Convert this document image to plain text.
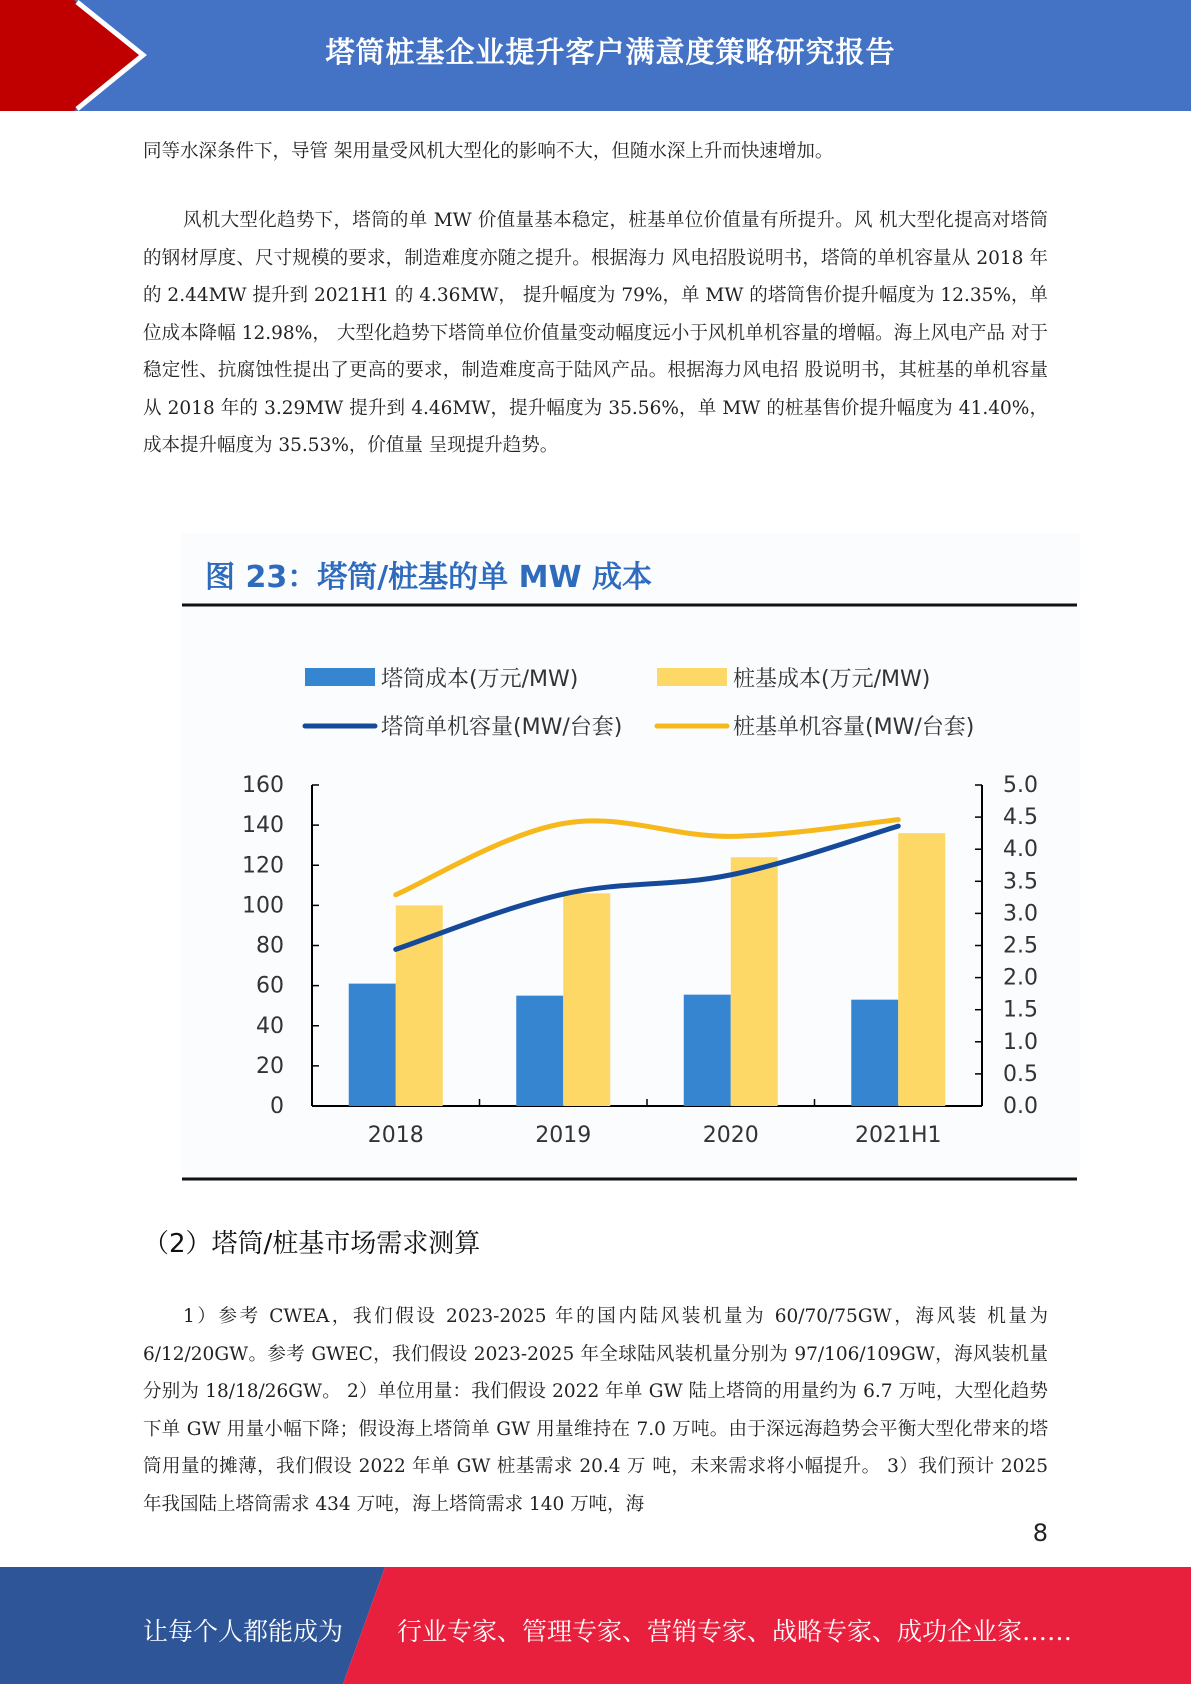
塔筒桩基企业提升客户满意度策略研究报告
同等水深条件下，导管 架用量受风机大型化的影响不大，但随水深上升而快速增加。
风机大型化趋势下，塔筒的单 MW 价值量基本稳定，桩基单位价值量有所提升。风 机大型化提高对塔筒的钢材厚度、尺寸规模的要求，制造难度亦随之提升。根据海力 风电招股说明书，塔筒的单机容量从 2018 年的 2.44MW 提升到 2021H1 的 4.36MW， 提升幅度为 79%，单 MW 的塔筒售价提升幅度为 12.35%，单位成本降幅 12.98%， 大型化趋势下塔筒单位价值量变动幅度远小于风机单机容量的增幅。海上风电产品 对于稳定性、抗腐蚀性提出了更高的要求，制造难度高于陆风产品。根据海力风电招 股说明书，其桩基的单机容量从 2018 年的 3.29MW 提升到 4.46MW，提升幅度为 35.56%，单 MW 的桩基售价提升幅度为 41.40%，成本提升幅度为 35.53%，价值量 呈现提升趋势。
图 23：塔筒/桩基的单 MW 成本
0
20
40
60
80
100
120
140
160
0.0
0.5
1.0
1.5
2.0
2.5
3.0
3.5
4.0
4.5
5.0
2018	2019	2020	2021H1
塔筒成本(万元/MW)	桩基成本(万元/MW)
塔筒单机容量(MW/台套)	桩基单机容量(MW/台套)
（2）塔筒/桩基市场需求测算
1）参考 CWEA，我们假设 2023-2025 年的国内陆风装机量为 60/70/75GW，海风装 机量为 6/12/20GW。参考 GWEC，我们假设 2023-2025 年全球陆风装机量分别为 97/106/109GW，海风装机量分别为 18/18/26GW。 2）单位用量：我们假设 2022 年单 GW 陆上塔筒的用量约为 6.7 万吨，大型化趋势 下单 GW 用量小幅下降；假设海上塔筒单 GW 用量维持在 7.0 万吨。由于深远海趋势会平衡大型化带来的塔筒用量的摊薄，我们假设 2022 年单 GW 桩基需求 20.4 万 吨，未来需求将小幅提升。 3）我们预计 2025 年我国陆上塔筒需求 434 万吨，海上塔筒需求 140 万吨，海
8
让每个人都能成为 行业专家、管理专家、营销专家、战略专家、成功企业家……
